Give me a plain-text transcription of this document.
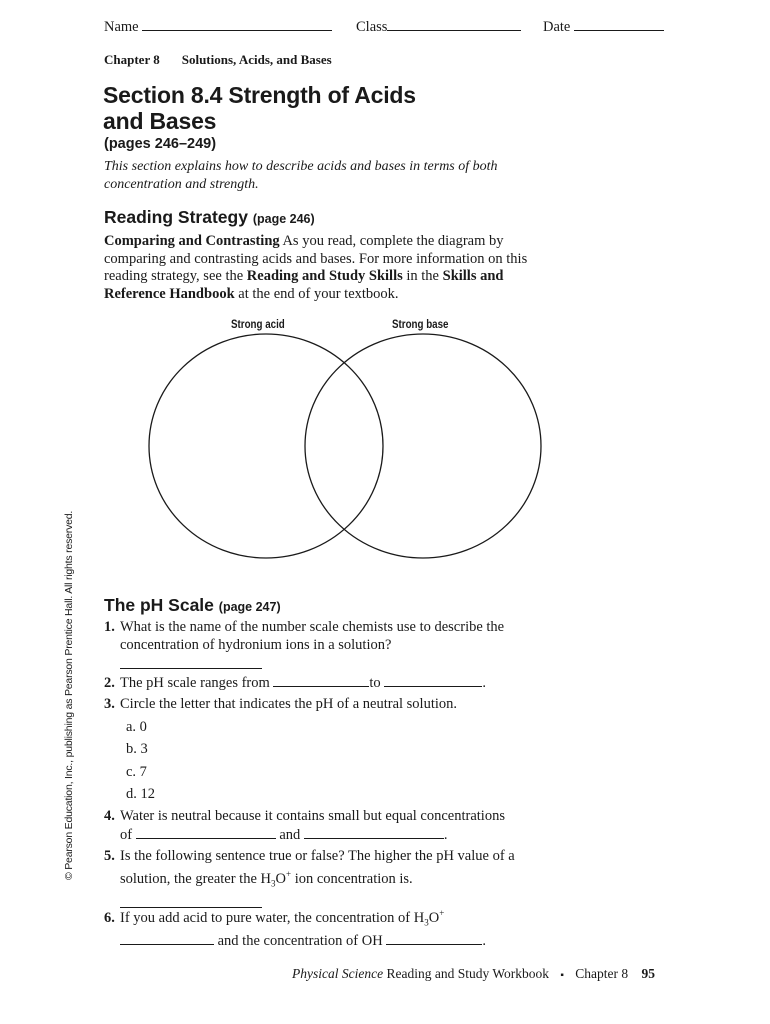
Name	Class	Date
Chapter 8 Solutions, Acids, and Bases
Section 8.4 Strength of Acids
and Bases
(pages 246–249)
This section explains how to describe acids and bases in terms of both concentration and strength.
Reading Strategy (page 246)
Comparing and Contrasting As you read, complete the diagram by comparing and contrasting acids and bases. For more information on this reading strategy, see the Reading and Study Skills in the Skills and Reference Handbook at the end of your textbook.
Strong acid	Strong base
© Pearson Education, Inc., publishing as Pearson Prentice Hall. All rights reserved. The pH Scale (page 247)
1. What is the name of the number scale chemists use to describe the concentration of hydronium ions in a solution?
2. The pH scale ranges from	to	.
3. Circle the letter that indicates the pH of a neutral solution.
a. 0
b. 3
c. 7
d. 12
4. Water is neutral because it contains small but equal concentrations
of	and	.
5. Is the following sentence true or false? The higher the pH value of a
solution, the greater the $H_3O^+$ ion concentration is.
6. If you add acid to pure water, the concentration of $H_3O^+$
and the concentration of OH	.
Physical Science Reading and Study Workbook ▪ Chapter 8 95
